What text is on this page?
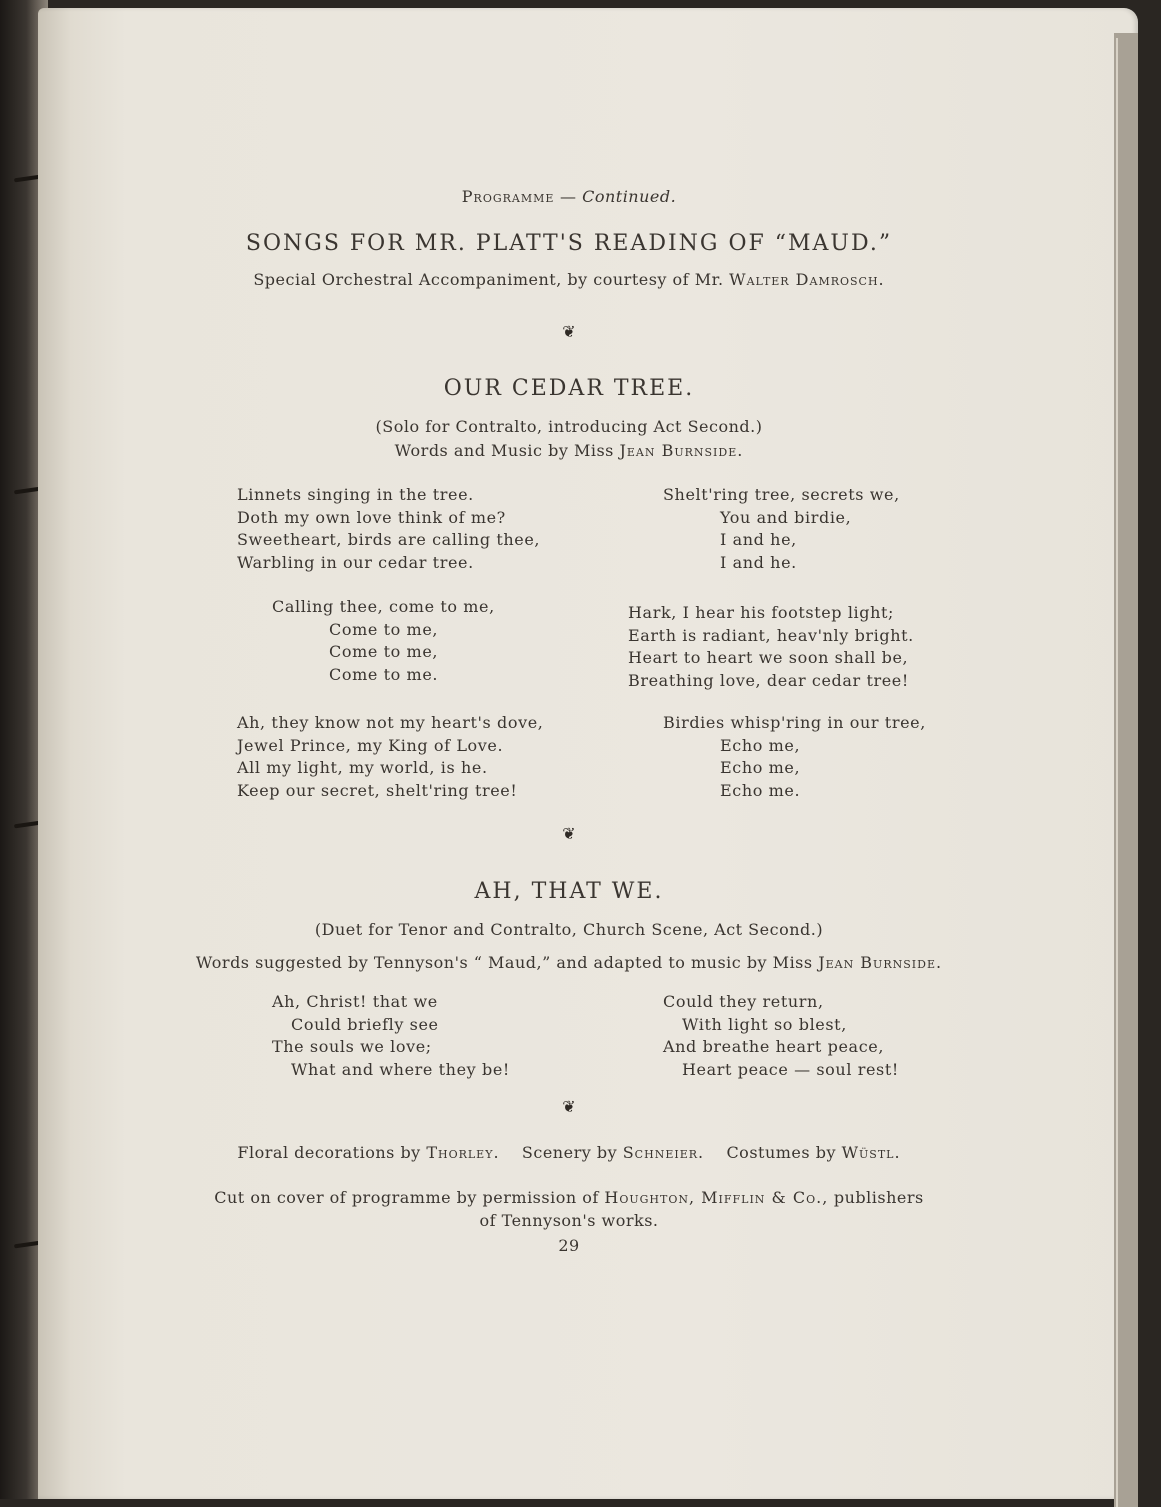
Programme — Continued.
SONGS FOR MR. PLATT'S READING OF “MAUD.”
Special Orchestral Accompaniment, by courtesy of Mr. Walter Damrosch.
❦
OUR CEDAR TREE.
(Solo for Contralto, introducing Act Second.)
Words and Music by Miss Jean Burnside.
Linnets singing in the tree.
Doth my own love think of me?
Sweetheart, birds are calling thee,
Warbling in our cedar tree.
Calling thee, come to me,
Come to me,
Come to me,
Come to me.
Ah, they know not my heart's dove,
Jewel Prince, my King of Love.
All my light, my world, is he.
Keep our secret, shelt'ring tree!
Shelt'ring tree, secrets we,
You and birdie,
I and he,
I and he.
Hark, I hear his footstep light;
Earth is radiant, heav'nly bright.
Heart to heart we soon shall be,
Breathing love, dear cedar tree!
Birdies whisp'ring in our tree,
Echo me,
Echo me,
Echo me.
❦
AH, THAT WE.
(Duet for Tenor and Contralto, Church Scene, Act Second.)
Words suggested by Tennyson's “ Maud,” and adapted to music by Miss Jean Burnside.
Ah, Christ! that we
Could briefly see
The souls we love;
What and where they be!
Could they return,
With light so blest,
And breathe heart peace,
Heart peace — soul rest!
❦
Floral decorations by Thorley. Scenery by Schneier. Costumes by Wüstl.
Cut on cover of programme by permission of Houghton, Mifflin & Co., publishers
of Tennyson's works.
29
